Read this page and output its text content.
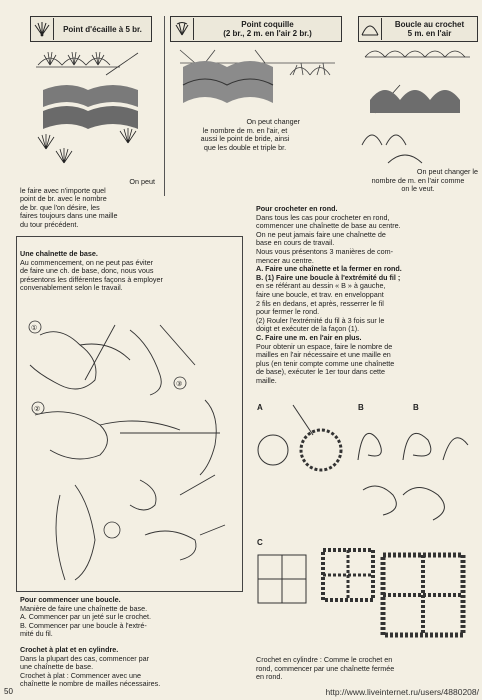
Point d'écaille à 5 br.	Point coquille
(2 br., 2 m. en l'air 2 br.)
Boucle au crochet
5 m. en l'air
On peut changer
le nombre de m. en l'air, et
aussi le point de bride, ainsi
que les double et triple br.
On peut
le faire avec n'importe quel
point de br. avec le nombre
de br. que l'on désire, les
faires toujours dans une maille
du tour précédent.
On peut changer le
nombre de m. en l'air comme
on le veut.
Une chaînette de base.
Au commencement, on ne peut pas éviter
de faire une ch. de base, donc, nous vous
présentons les différentes façons à employer
convenablement selon le travail.
①
②
③
Pour crocheter en rond.
Dans tous les cas pour crocheter en rond,
commencer une chaînette de base au centre.
On ne peut jamais faire une chaînette de
base en cours de travail.
Nous vous présentons 3 manières de com-
mencer au centre.
A. Faire une chaînette et la fermer en rond.
B. (1) Faire une boucle à l'extrémité du fil ;
en se référant au dessin « B » à gauche,
faire une boucle, et trav. en enveloppant
2 fils en dedans, et après, resserrer le fil
pour fermer le rond.
(2) Rouler l'extrémité du fil à 3 fois sur le
doigt et exécuter de la façon (1).
C. Faire une m. en l'air en plus.
Pour obtenir un espace, faire le nombre de
mailles en l'air nécessaire et une maille en
plus (en tenir compte comme une chaînette
de base), exécuter le 1er tour dans cette
maille.
A	B	B
C
Pour commencer une boucle.
Manière de faire une chaînette de base.
A. Commencer par un jeté sur le crochet.
B. Commencer par une boucle à l'extré-
mité du fil.
Crochet à plat et en cylindre.
Dans la plupart des cas, commencer par
une chaînette de base.
Crochet à plat : Commencer avec une
chaînette le nombre de mailles nécessaires.
Crochet en cylindre : Comme le crochet en
rond, commencer par une chaînette fermée
en rond.
50	http://www.liveinternet.ru/users/4880208/
